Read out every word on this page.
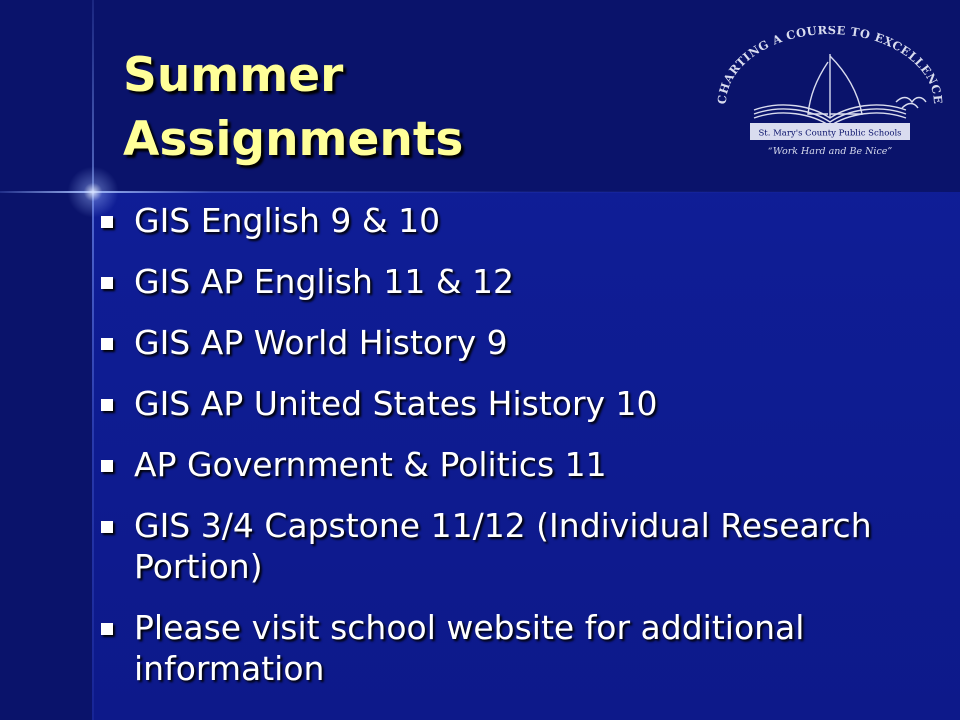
Summer
Assignments
CHARTING A COURSE TO EXCELLENCE
St. Mary's County Public Schools
“Work Hard and Be Nice”
GIS English 9 & 10
GIS AP English 11 & 12
GIS AP World History 9
GIS AP United States History 10
AP Government & Politics 11
GIS 3/4 Capstone 11/12 (Individual Research Portion)
Please visit school website for additional information
